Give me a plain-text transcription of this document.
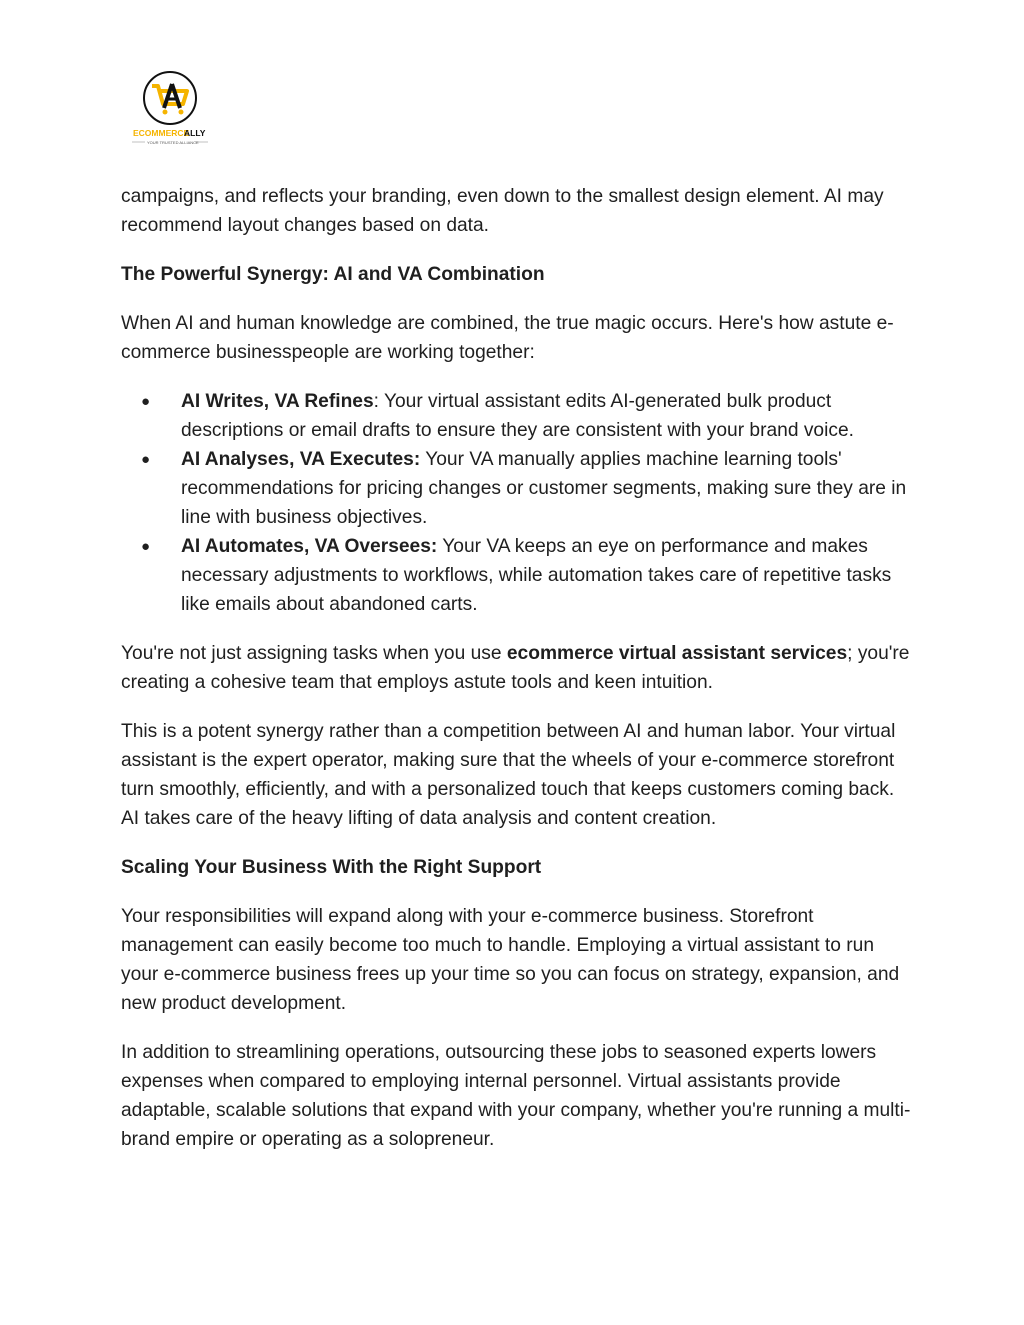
ECOMMERCE
ALLY
YOUR TRUSTED ALLIANCE

campaigns, and reflects your branding, even down to the smallest design element. AI may recommend layout changes based on data.

The Powerful Synergy: AI and VA Combination

When AI and human knowledge are combined, the true magic occurs. Here's how astute e-commerce businesspeople are working together:

● AI Writes, VA Refines: Your virtual assistant edits AI-generated bulk product descriptions or email drafts to ensure they are consistent with your brand voice.
● AI Analyses, VA Executes: Your VA manually applies machine learning tools' recommendations for pricing changes or customer segments, making sure they are in line with business objectives.
● AI Automates, VA Oversees: Your VA keeps an eye on performance and makes necessary adjustments to workflows, while automation takes care of repetitive tasks like emails about abandoned carts.

You're not just assigning tasks when you use ecommerce virtual assistant services; you're creating a cohesive team that employs astute tools and keen intuition.

This is a potent synergy rather than a competition between AI and human labor. Your virtual assistant is the expert operator, making sure that the wheels of your e-commerce storefront turn smoothly, efficiently, and with a personalized touch that keeps customers coming back. AI takes care of the heavy lifting of data analysis and content creation.

Scaling Your Business With the Right Support

Your responsibilities will expand along with your e-commerce business. Storefront management can easily become too much to handle. Employing a virtual assistant to run your e-commerce business frees up your time so you can focus on strategy, expansion, and new product development.

In addition to streamlining operations, outsourcing these jobs to seasoned experts lowers expenses when compared to employing internal personnel. Virtual assistants provide adaptable, scalable solutions that expand with your company, whether you're running a multi-brand empire or operating as a solopreneur.
